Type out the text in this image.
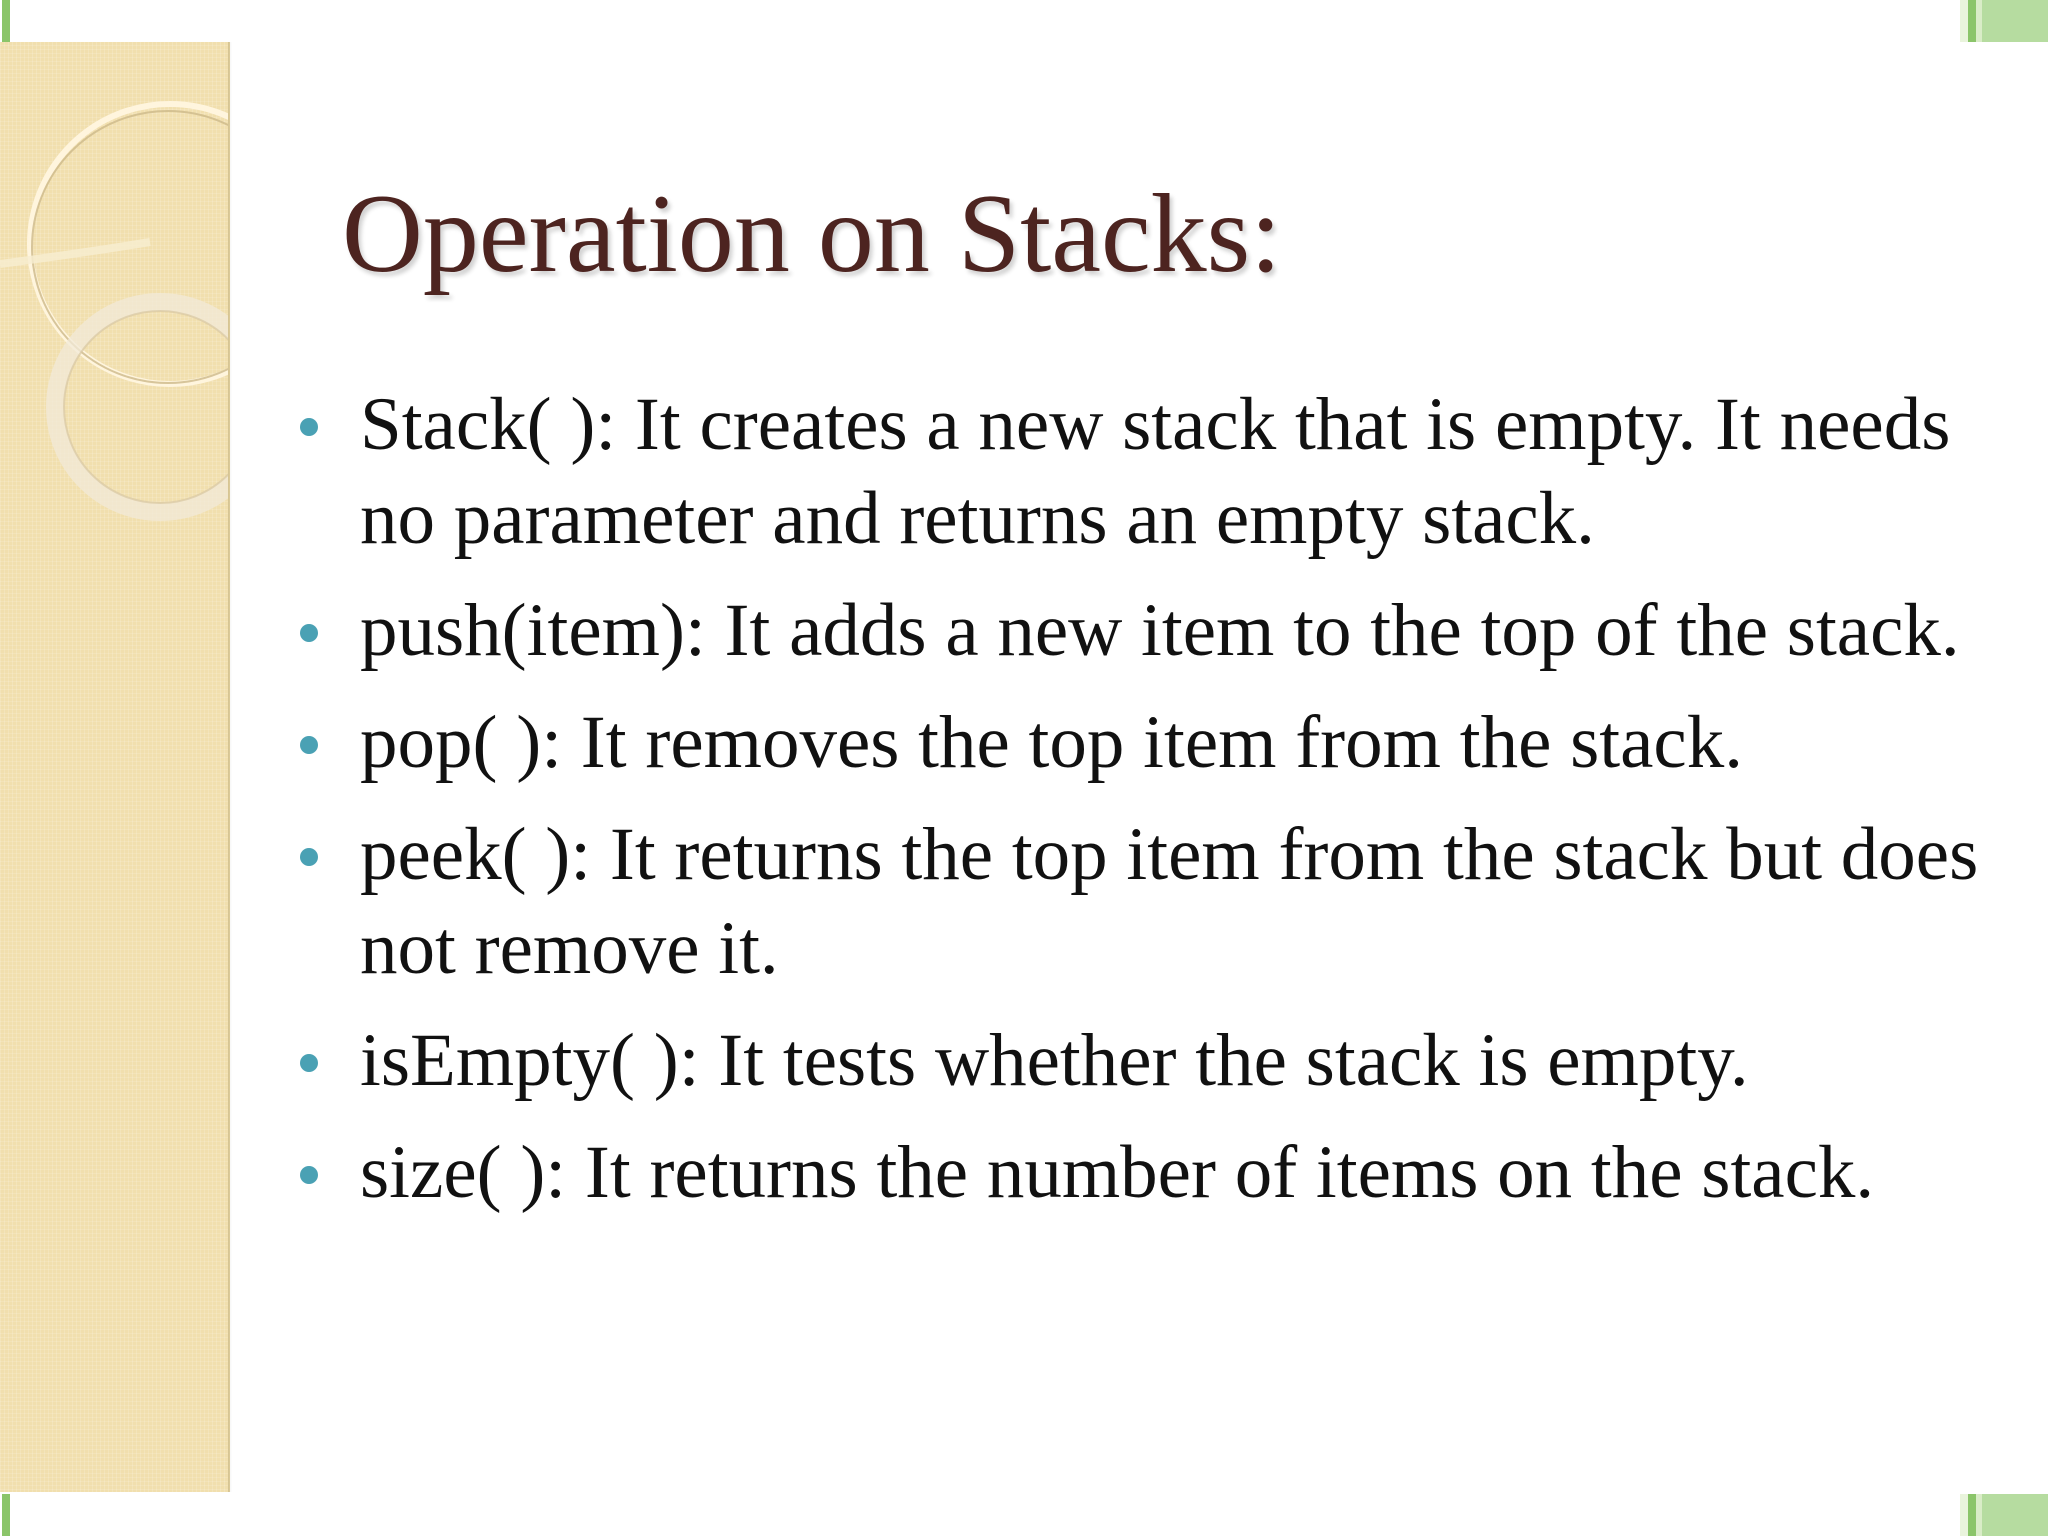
Operation on Stacks:
Stack( ): It creates a new stack that is empty. It needs no parameter and returns an empty stack.
push(item): It adds a new item to the top of the stack.
pop( ): It removes the top item from the stack.
peek( ): It returns the top item from the stack but does not remove it.
isEmpty( ): It tests whether the stack is empty.
size( ): It returns the number of items on the stack.
